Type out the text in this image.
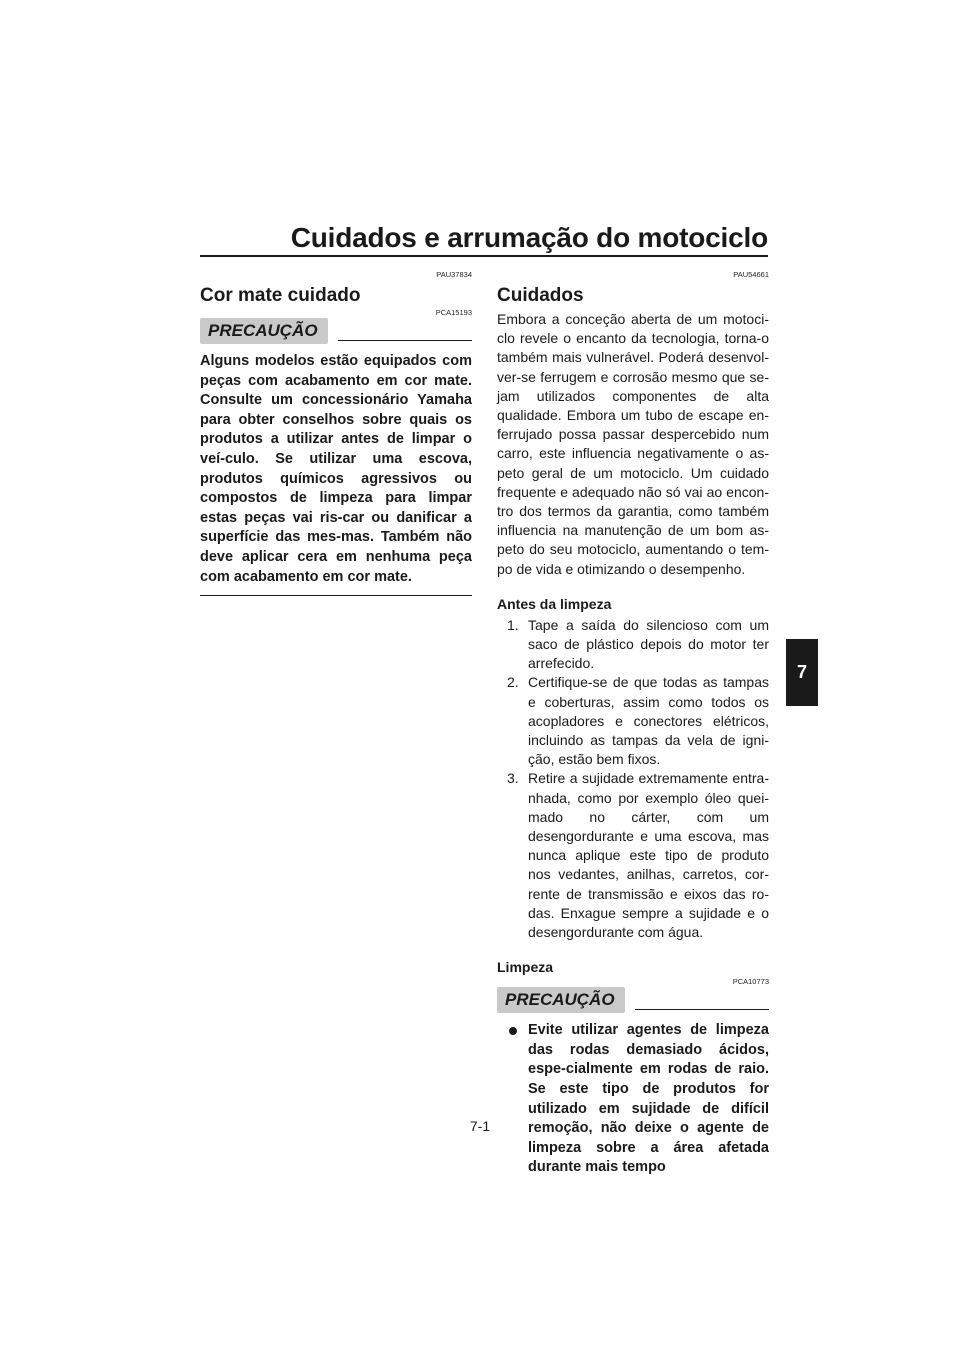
Cuidados e arrumação do motociclo
7
PAU37834
Cor mate cuidado
PCA15193
PRECAUÇÃO
Alguns modelos estão equipados com peças com acabamento em cor mate. Consulte um concessionário Yamaha para obter conselhos sobre quais os produtos a utilizar antes de limpar o veí-culo. Se utilizar uma escova, produtos químicos agressivos ou compostos de limpeza para limpar estas peças vai ris-car ou danificar a superfície das mes-mas. Também não deve aplicar cera em nenhuma peça com acabamento em cor mate.
PAU54661
Cuidados

Embora a conceção aberta de um motoci-clo revele o encanto da tecnologia, torna-o também mais vulnerável. Poderá desenvol-ver-se ferrugem e corrosão mesmo que se-jam utilizados componentes de alta qualidade. Embora um tubo de escape en-ferrujado possa passar despercebido num carro, este influencia negativamente o as-peto geral de um motociclo. Um cuidado frequente e adequado não só vai ao encon-tro dos termos da garantia, como também influencia na manutenção de um bom as-peto do seu motociclo, aumentando o tem-po de vida e otimizando o desempenho.

Antes da limpeza
1. Tape a saída do silencioso com um saco de plástico depois do motor ter arrefecido.
2. Certifique-se de que todas as tampas e coberturas, assim como todos os acopladores e conectores elétricos, incluindo as tampas da vela de igni-ção, estão bem fixos.
3. Retire a sujidade extremamente entra-nhada, como por exemplo óleo quei-mado no cárter, com um desengordurante e uma escova, mas nunca aplique este tipo de produto nos vedantes, anilhas, carretos, cor-rente de transmissão e eixos das ro-das. Enxague sempre a sujidade e o desengordurante com água.
Limpeza
PCA10773
PRECAUÇÃO
Evite utilizar agentes de limpeza das rodas demasiado ácidos, espe-cialmente em rodas de raio. Se este tipo de produtos for utilizado em sujidade de difícil remoção, não deixe o agente de limpeza sobre a área afetada durante mais tempo
7-1
